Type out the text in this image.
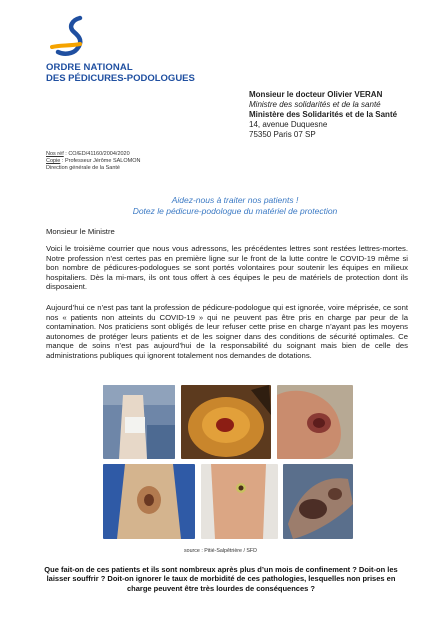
ORDRE NATIONAL
DES PÉDICURES-PODOLOGUES
Monsieur le docteur Olivier VERAN
Ministre des solidarités et de la santé
Ministère des Solidarités et de la Santé
14, avenue Duquesne
75350 Paris 07 SP
Nos réf : CO/ED/41160/2004/2020
Copie : Professeur Jérôme SALOMON
Direction générale de la Santé
Aidez-nous à traiter nos patients !
Dotez le pédicure-podologue du matériel de protection
Monsieur le Ministre
Voici le troisième courrier que nous vous adressons, les précédentes lettres sont restées lettres-mortes. Notre profession n’est certes pas en première ligne sur le front de la lutte contre le COVID-19 même si bon nombre de pédicures-podologues se sont portés volontaires pour soutenir les équipes en milieux hospitaliers. Dès la mi-mars, ils ont tous offert à ces équipes le peu de matériels de protection dont ils disposaient.
Aujourd’hui ce n’est pas tant la profession de pédicure-podologue qui est ignorée, voire méprisée, ce sont nos « patients non atteints du COVID-19 » qui ne peuvent pas être pris en charge par peur de la contamination. Nos praticiens sont obligés de leur refuser cette prise en charge n’ayant pas les moyens autonomes de protéger leurs patients et de les soigner dans des conditions de sécurité optimales. Ce manque de soins n’est pas aujourd’hui de la responsabilité du soignant mais bien de celle des administrations publiques qui ignorent totalement nos demandes de dotations.
source : Pitié-Salpêtrière / SFD
Que fait-on de ces patients et ils sont nombreux après plus d’un mois de confinement ? Doit-on les laisser souffrir ? Doit-on ignorer le taux de morbidité de ces pathologies, lesquelles non prises en charge peuvent être très lourdes de conséquences ?
